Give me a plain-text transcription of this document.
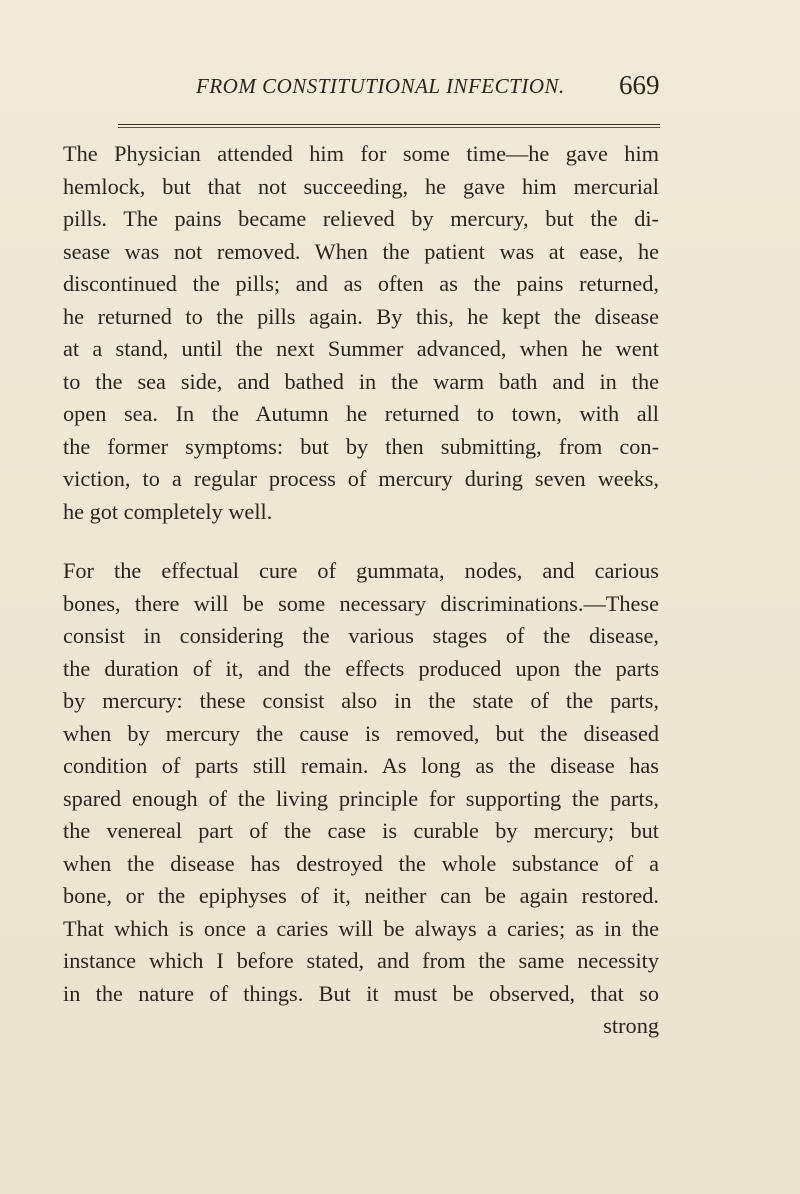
FROM CONSTITUTIONAL INFECTION. 669
The Physician attended him for some time—he gave him
hemlock, but that not succeeding, he gave him mercurial
pills. The pains became relieved by mercury, but the di-
sease was not removed. When the patient was at ease, he
discontinued the pills; and as often as the pains returned,
he returned to the pills again. By this, he kept the disease
at a stand, until the next Summer advanced, when he went
to the sea side, and bathed in the warm bath and in the
open sea. In the Autumn he returned to town, with all
the former symptoms: but by then submitting, from con-
viction, to a regular process of mercury during seven weeks,
he got completely well.
For the effectual cure of gummata, nodes, and carious
bones, there will be some necessary discriminations.—These
consist in considering the various stages of the disease,
the duration of it, and the effects produced upon the parts
by mercury: these consist also in the state of the parts,
when by mercury the cause is removed, but the diseased
condition of parts still remain. As long as the disease has
spared enough of the living principle for supporting the parts,
the venereal part of the case is curable by mercury; but
when the disease has destroyed the whole substance of a
bone, or the epiphyses of it, neither can be again restored.
That which is once a caries will be always a caries; as in the
instance which I before stated, and from the same necessity
in the nature of things. But it must be observed, that so
strong
